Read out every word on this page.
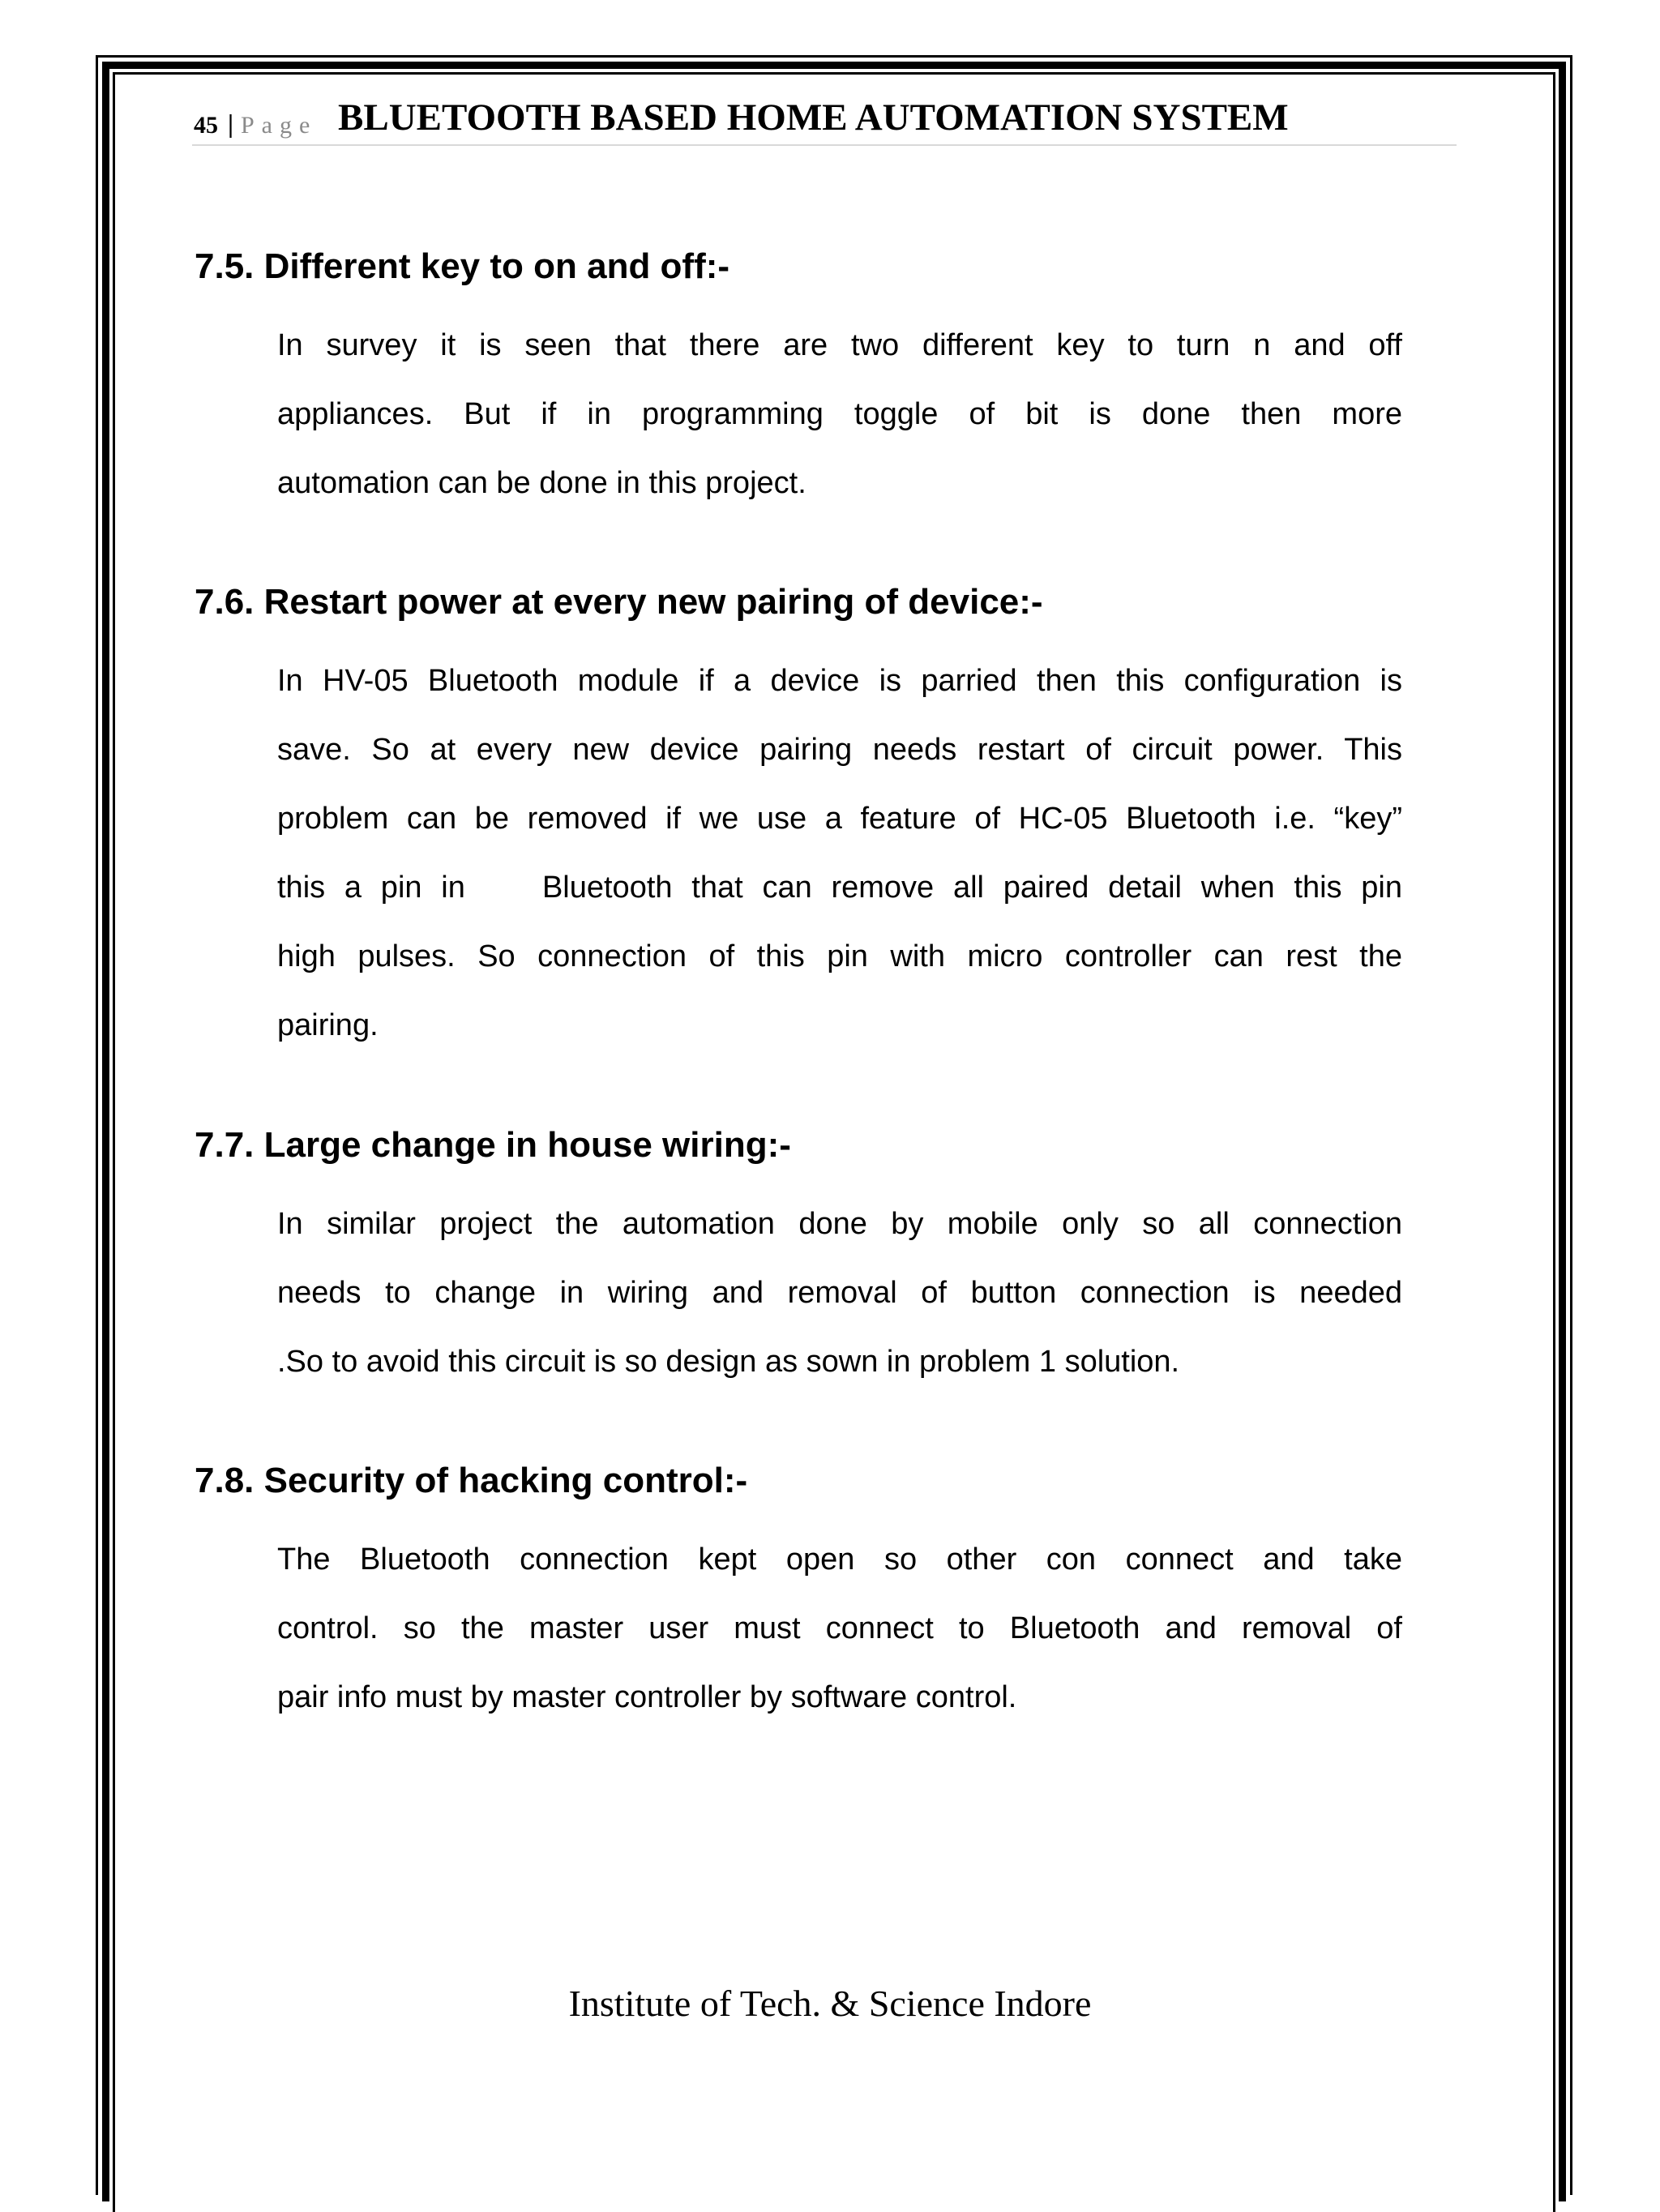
45 | Page BLUETOOTH BASED HOME AUTOMATION SYSTEM
7.5. Different key to on and off:-
In survey it is seen that there are two different key to turn n and off
appliances. But if in programming toggle of bit is done then more
automation can be done in this project.
7.6. Restart power at every new pairing of device:-
In HV-05 Bluetooth module if a device is parried then this configuration is
save. So at every new device pairing needs restart of circuit power. This
problem can be removed if we use a feature of HC-05 Bluetooth i.e. “key”
this a pin in    Bluetooth that can remove all paired detail when this pin
high pulses. So connection of this pin with micro controller can rest the
pairing.
7.7. Large change in house wiring:-
In similar project the automation done by mobile only so all connection
needs to change in wiring and removal of button connection is needed
.So to avoid this circuit is so design as sown in problem 1 solution.
7.8. Security of hacking control:-
The Bluetooth connection kept open so other con connect and take
control. so the master user must connect to Bluetooth and removal of
pair info must by master controller by software control.
Institute of Tech. & Science Indore
